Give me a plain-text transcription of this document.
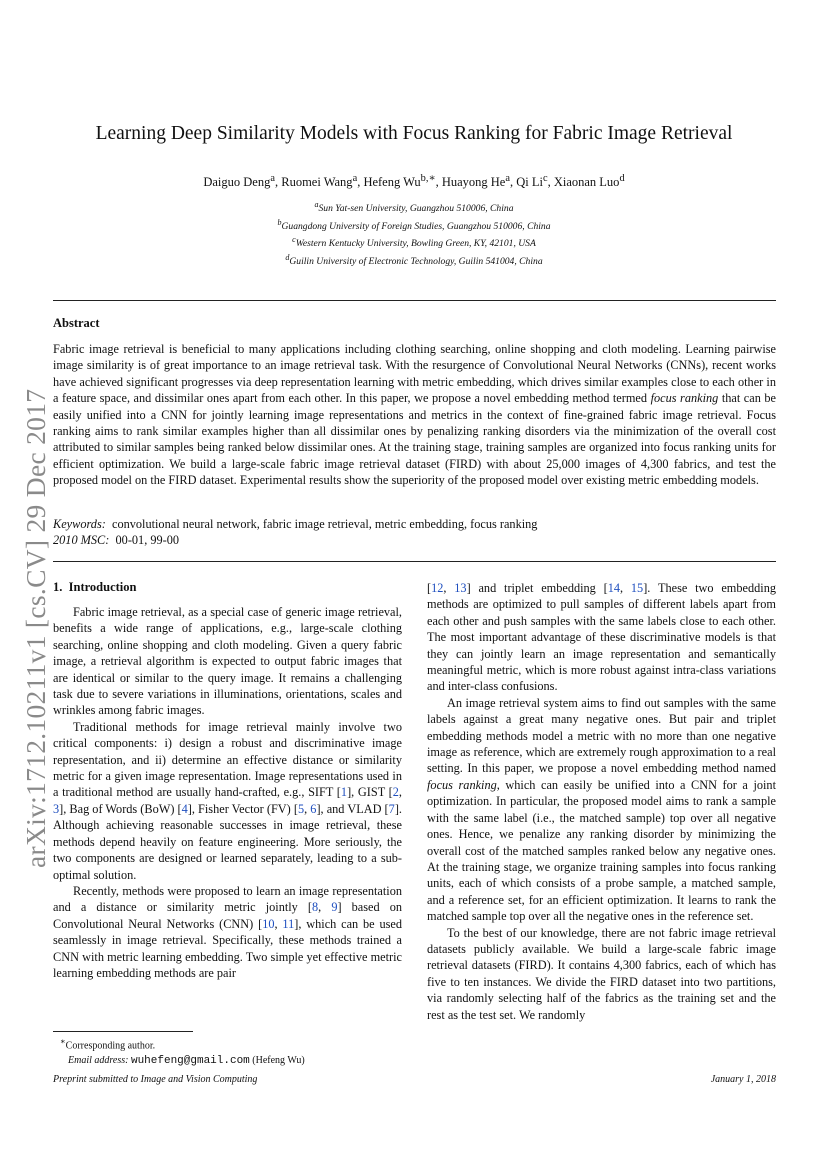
arXiv:1712.10211v1 [cs.CV] 29 Dec 2017
Learning Deep Similarity Models with Focus Ranking for Fabric Image Retrieval
Daiguo Deng$^a$, Ruomei Wang$^a$, Hefeng $Wu^{b,∗}$, Huayong He$^a$, Qi Li$^c$, Xiaonan Luo$^d$
$^a$Sun Yat-sen University, Guangzhou 510006, China
$^b$Guangdong University of Foreign Studies, Guangzhou 510006, China
$^c$Western Kentucky University, Bowling Green, KY, 42101, USA
$^d$Guilin University of Electronic Technology, Guilin 541004, China
Abstract
Fabric image retrieval is beneficial to many applications including clothing searching, online shopping and cloth modeling. Learning pairwise image similarity is of great importance to an image retrieval task. With the resurgence of Convolutional Neural Networks (CNNs), recent works have achieved significant progresses via deep representation learning with metric embedding, which drives similar examples close to each other in a feature space, and dissimilar ones apart from each other. In this paper, we propose a novel embedding method termed focus ranking that can be easily unified into a CNN for jointly learning image representations and metrics in the context of fine-grained fabric image retrieval. Focus ranking aims to rank similar examples higher than all dissimilar ones by penalizing ranking disorders via the minimization of the overall cost attributed to similar samples being ranked below dissimilar ones. At the training stage, training samples are organized into focus ranking units for efficient optimization. We build a large-scale fabric image retrieval dataset (FIRD) with about 25,000 images of 4,300 fabrics, and test the proposed model on the FIRD dataset. Experimental results show the superiority of the proposed model over existing metric embedding models.
Keywords: convolutional neural network, fabric image retrieval, metric embedding, focus ranking
2010 MSC: 00-01, 99-00
1. Introduction

Fabric image retrieval, as a special case of generic image retrieval, benefits a wide range of applications, e.g., large-scale clothing searching, online shopping and cloth modeling. Given a query fabric image, a retrieval algorithm is expected to output fabric images that are identical or similar to the query image. It remains a challenging task due to severe variations in illuminations, orientations, scales and wrinkles among fabric images.

Traditional methods for image retrieval mainly involve two critical components: i) design a robust and discriminative image representation, and ii) determine an effective distance or similarity metric for a given image representation. Image representations used in a traditional method are usually hand-crafted, e.g., SIFT [1], GIST [2, 3], Bag of Words (BoW) [4], Fisher Vector (FV) [5, 6], and VLAD [7]. Although achieving reasonable successes in image retrieval, these methods depend heavily on feature engineering. More seriously, the two components are designed or learned separately, leading to a sub-optimal solution.

Recently, methods were proposed to learn an image representation and a distance or similarity metric jointly [8, 9] based on Convolutional Neural Networks (CNN) [10, 11], which can be used seamlessly in image retrieval. Specifically, these methods trained a CNN with metric learning embedding. Two simple yet effective metric learning embedding methods are pair

[12, 13] and triplet embedding [14, 15]. These two embedding methods are optimized to pull samples of different labels apart from each other and push samples with the same labels close to each other. The most important advantage of these discriminative models is that they can jointly learn an image representation and semantically meaningful metric, which is more robust against intra-class variations and inter-class confusions.

An image retrieval system aims to find out samples with the same labels against a great many negative ones. But pair and triplet embedding methods model a metric with no more than one negative image as reference, which are extremely rough approximation to a real setting. In this paper, we propose a novel embedding method named focus ranking, which can easily be unified into a CNN for a joint optimization. In particular, the proposed model aims to rank a sample with the same label (i.e., the matched sample) top over all negative ones. Hence, we penalize any ranking disorder by minimizing the overall cost of the matched samples ranked below any negative ones. At the training stage, we organize training samples into focus ranking units, each of which consists of a probe sample, a matched sample, and a reference set, for an efficient optimization. It learns to rank the matched sample top over all the negative ones in the reference set.

To the best of our knowledge, there are not fabric image retrieval datasets publicly available. We build a large-scale fabric image retrieval datasets (FIRD). It contains 4,300 fabrics, each of which has five to ten instances. We divide the FIRD dataset into two partitions, via randomly selecting half of the fabrics as the training set and the rest as the test set. We randomly

∗Corresponding author.
Email address: wuhefeng@gmail.com (Hefeng Wu)
Preprint submitted to Image and Vision Computing	January 1, 2018
